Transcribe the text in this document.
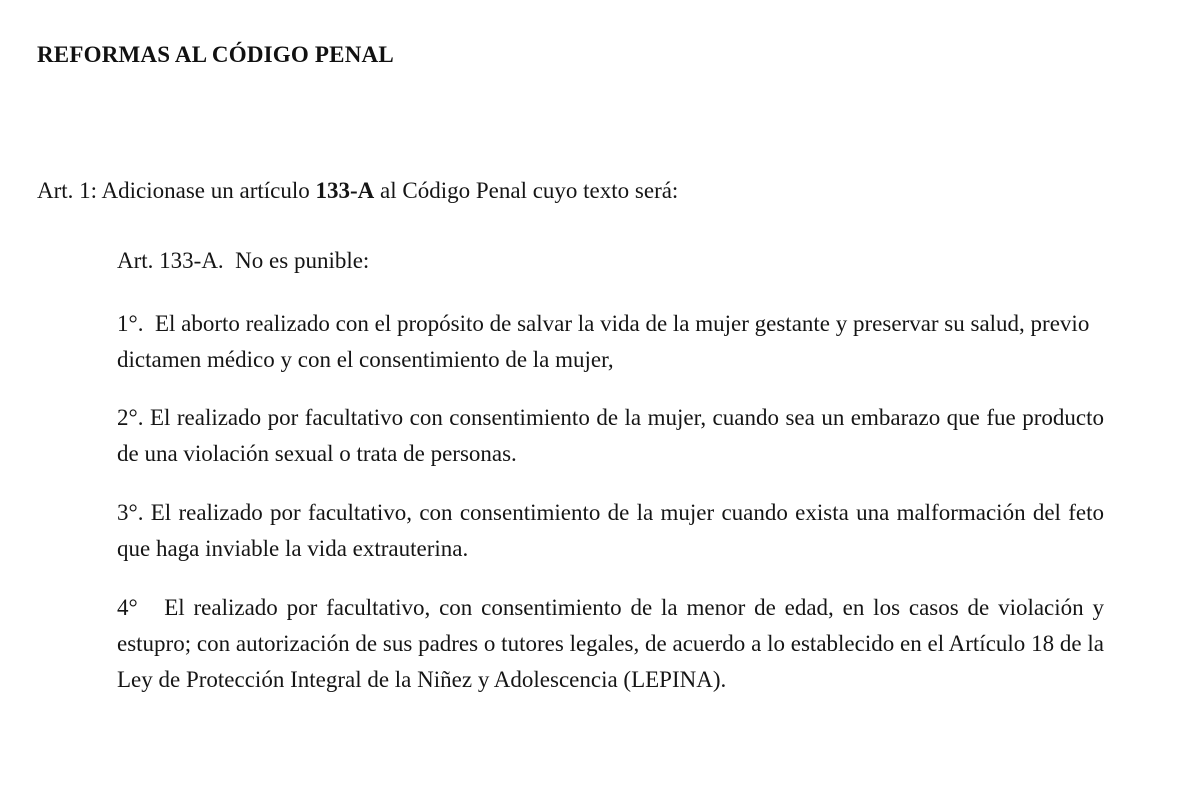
REFORMAS AL CÓDIGO PENAL

Art. 1: Adicionase un artículo 133-A al Código Penal cuyo texto será:

Art. 133-A.  No es punible:

1°.  El aborto realizado con el propósito de salvar la vida de la mujer gestante y preservar su salud, previo dictamen médico y con el consentimiento de la mujer,

2°. El realizado por facultativo con consentimiento de la mujer, cuando sea un embarazo que fue producto de una violación sexual o trata de personas.

3°. El realizado por facultativo, con consentimiento de la mujer cuando exista una malformación del feto que haga inviable la vida extrauterina.

4°   El realizado por facultativo, con consentimiento de la menor de edad, en los casos de violación y estupro; con autorización de sus padres o tutores legales, de acuerdo a lo establecido en el Artículo 18 de la Ley de Protección Integral de la Niñez y Adolescencia (LEPINA).
